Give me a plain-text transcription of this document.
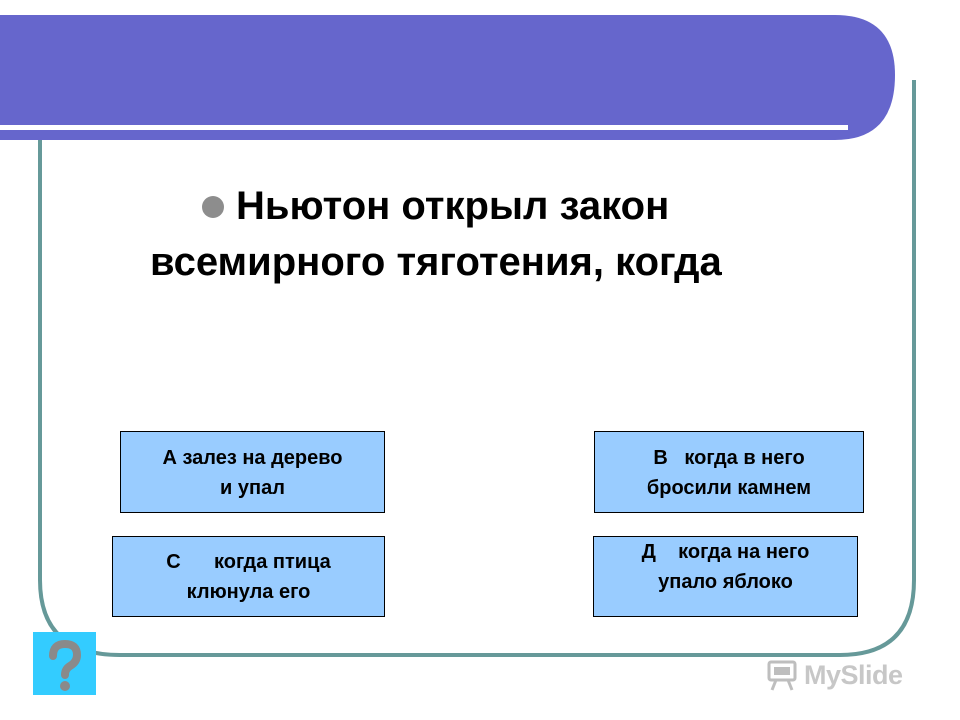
Ньютон открыл закон
всемирного тяготения, когда
А залез на дерево
и упал
В   когда в него
бросили камнем
С      когда птица
клюнула его
Д    когда на него
упало яблоко
MySlide
